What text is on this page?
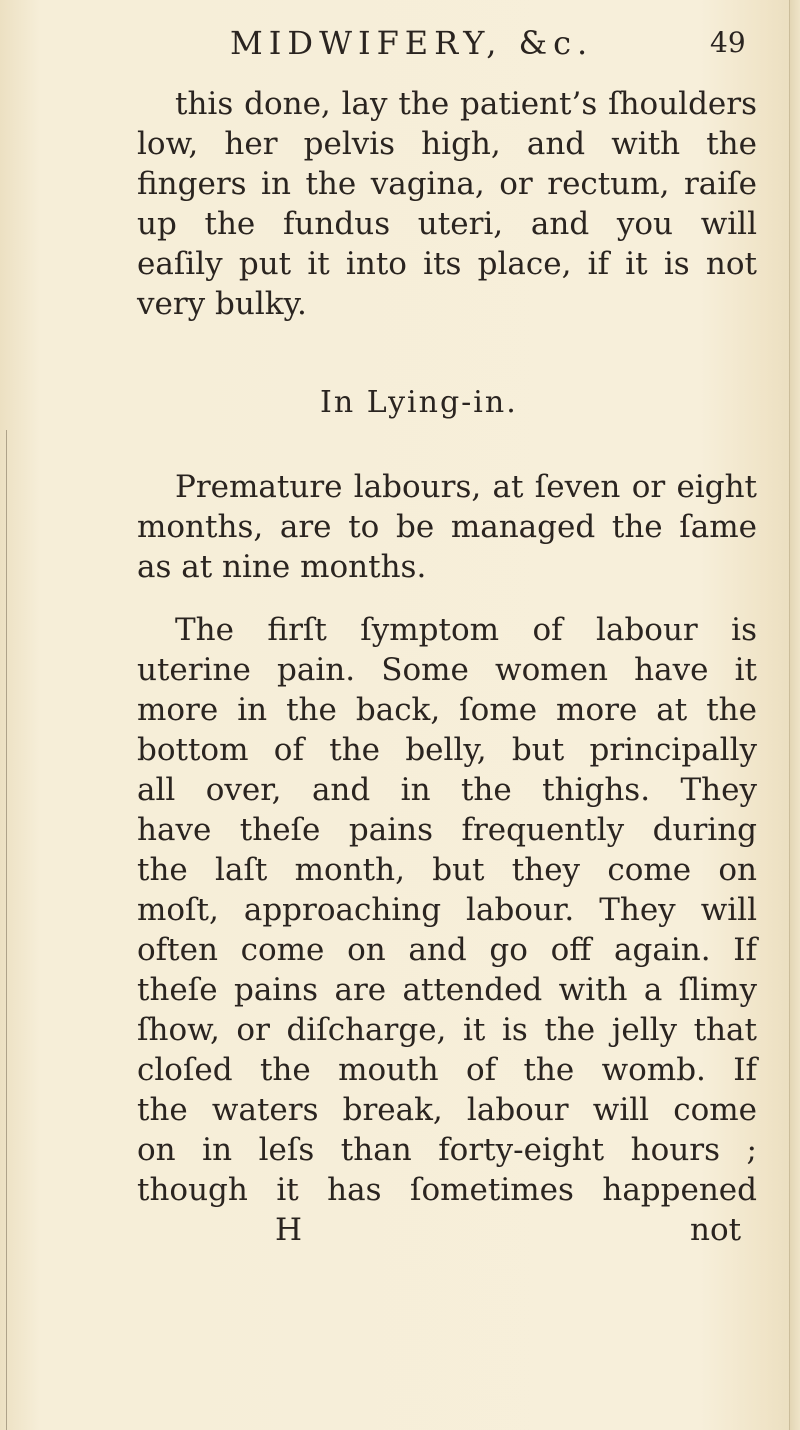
MIDWIFERY, &c.	49
this done, lay the patient’s ſhoulders
low, her pelvis high, and with the
fingers in the vagina, or rectum, raiſe
up the fundus uteri, and you will
eaſily put it into its place, if it is not
very bulky.
In Lying-in.
Premature labours, at ſeven or eight
months, are to be managed the ſame
as at nine months.
The firſt ſymptom of labour is
uterine pain. Some women have it
more in the back, ſome more at the
bottom of the belly, but principally
all over, and in the thighs. They
have theſe pains frequently during
the laſt month, but they come on
moſt, approaching labour. They will
often come on and go off again. If
theſe pains are attended with a ſlimy
ſhow, or diſcharge, it is the jelly that
cloſed the mouth of the womb. If
the waters break, labour will come
on in leſs than forty-eight hours ;
though it has ſometimes happened
H	not
